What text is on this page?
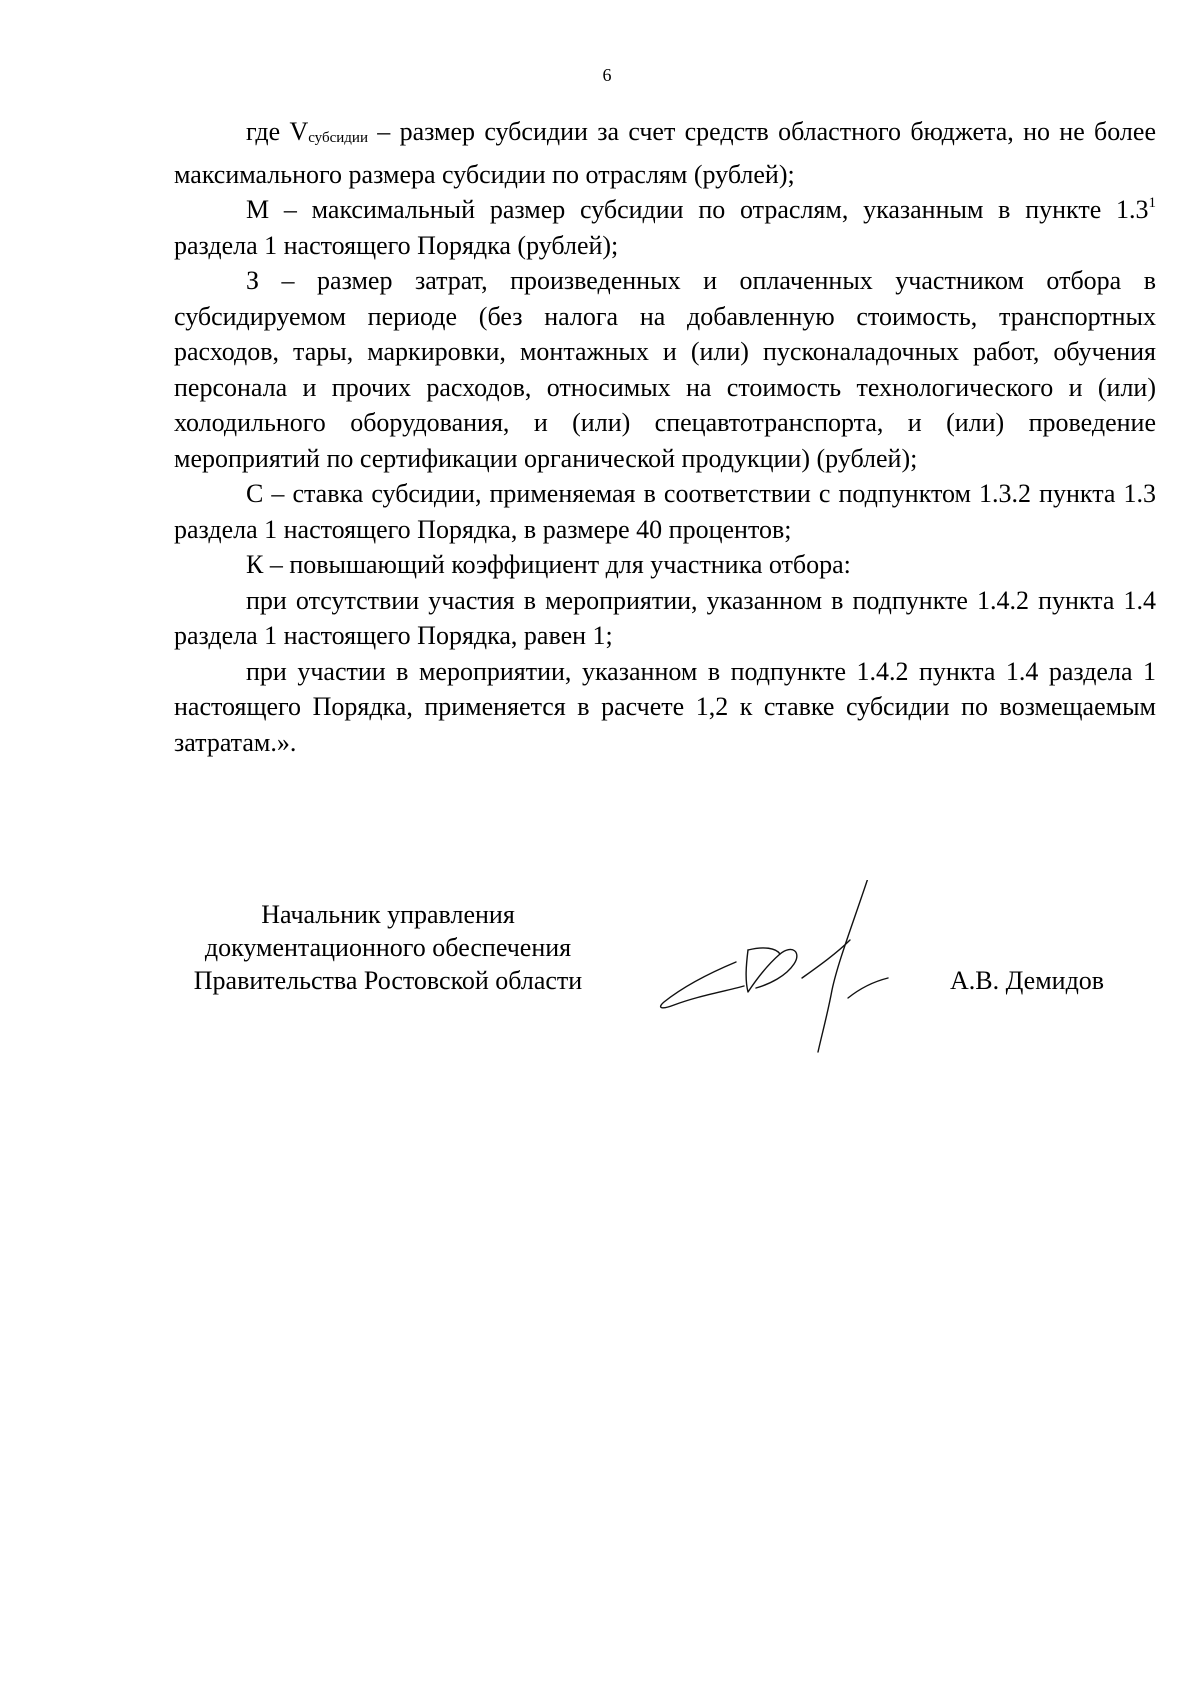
6

где Vсубсидии – размер субсидии за счет средств областного бюджета, но не более максимального размера субсидии по отраслям (рублей);

М – максимальный размер субсидии по отраслям, указанным в пункте $1.3^1$ раздела 1 настоящего Порядка (рублей);

З – размер затрат, произведенных и оплаченных участником отбора в субсидируемом периоде (без налога на добавленную стоимость, транспортных расходов, тары, маркировки, монтажных и (или) пусконаладочных работ, обучения персонала и прочих расходов, относимых на стоимость технологического и (или) холодильного оборудования, и (или) спецавтотранспорта, и (или) проведение мероприятий по сертификации органической продукции) (рублей);

С – ставка субсидии, применяемая в соответствии с подпунктом 1.3.2 пункта 1.3 раздела 1 настоящего Порядка, в размере 40 процентов;

К – повышающий коэффициент для участника отбора:

при отсутствии участия в мероприятии, указанном в подпункте 1.4.2 пункта 1.4 раздела 1 настоящего Порядка, равен 1;

при участии в мероприятии, указанном в подпункте 1.4.2 пункта 1.4 раздела 1 настоящего Порядка, применяется в расчете 1,2 к ставке субсидии по возмещаемым затратам.».

Начальник управления
документационного обеспечения
Правительства Ростовской области	А.В. Демидов
